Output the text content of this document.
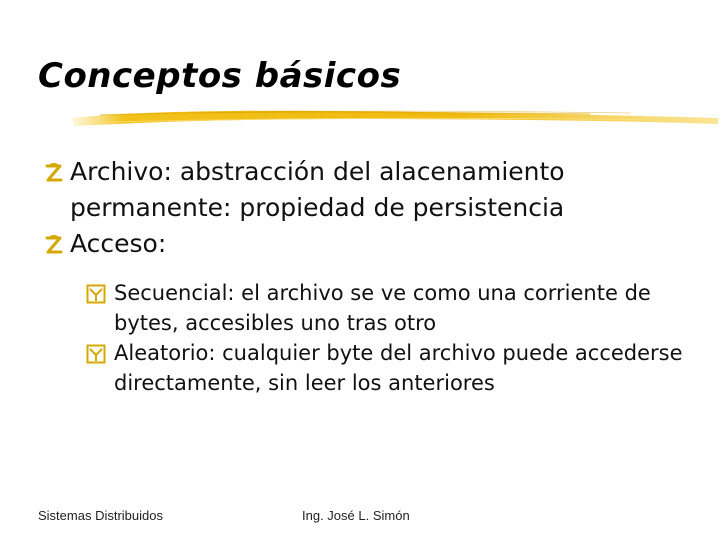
Conceptos básicos
Archivo: abstracción del alacenamiento permanente: propiedad de persistencia
Acceso:
Secuencial: el archivo se ve como una corriente de bytes, accesibles uno tras otro
Aleatorio: cualquier byte del archivo puede accederse directamente, sin leer los anteriores
Sistemas Distribuidos	Ing. José L. Simón
